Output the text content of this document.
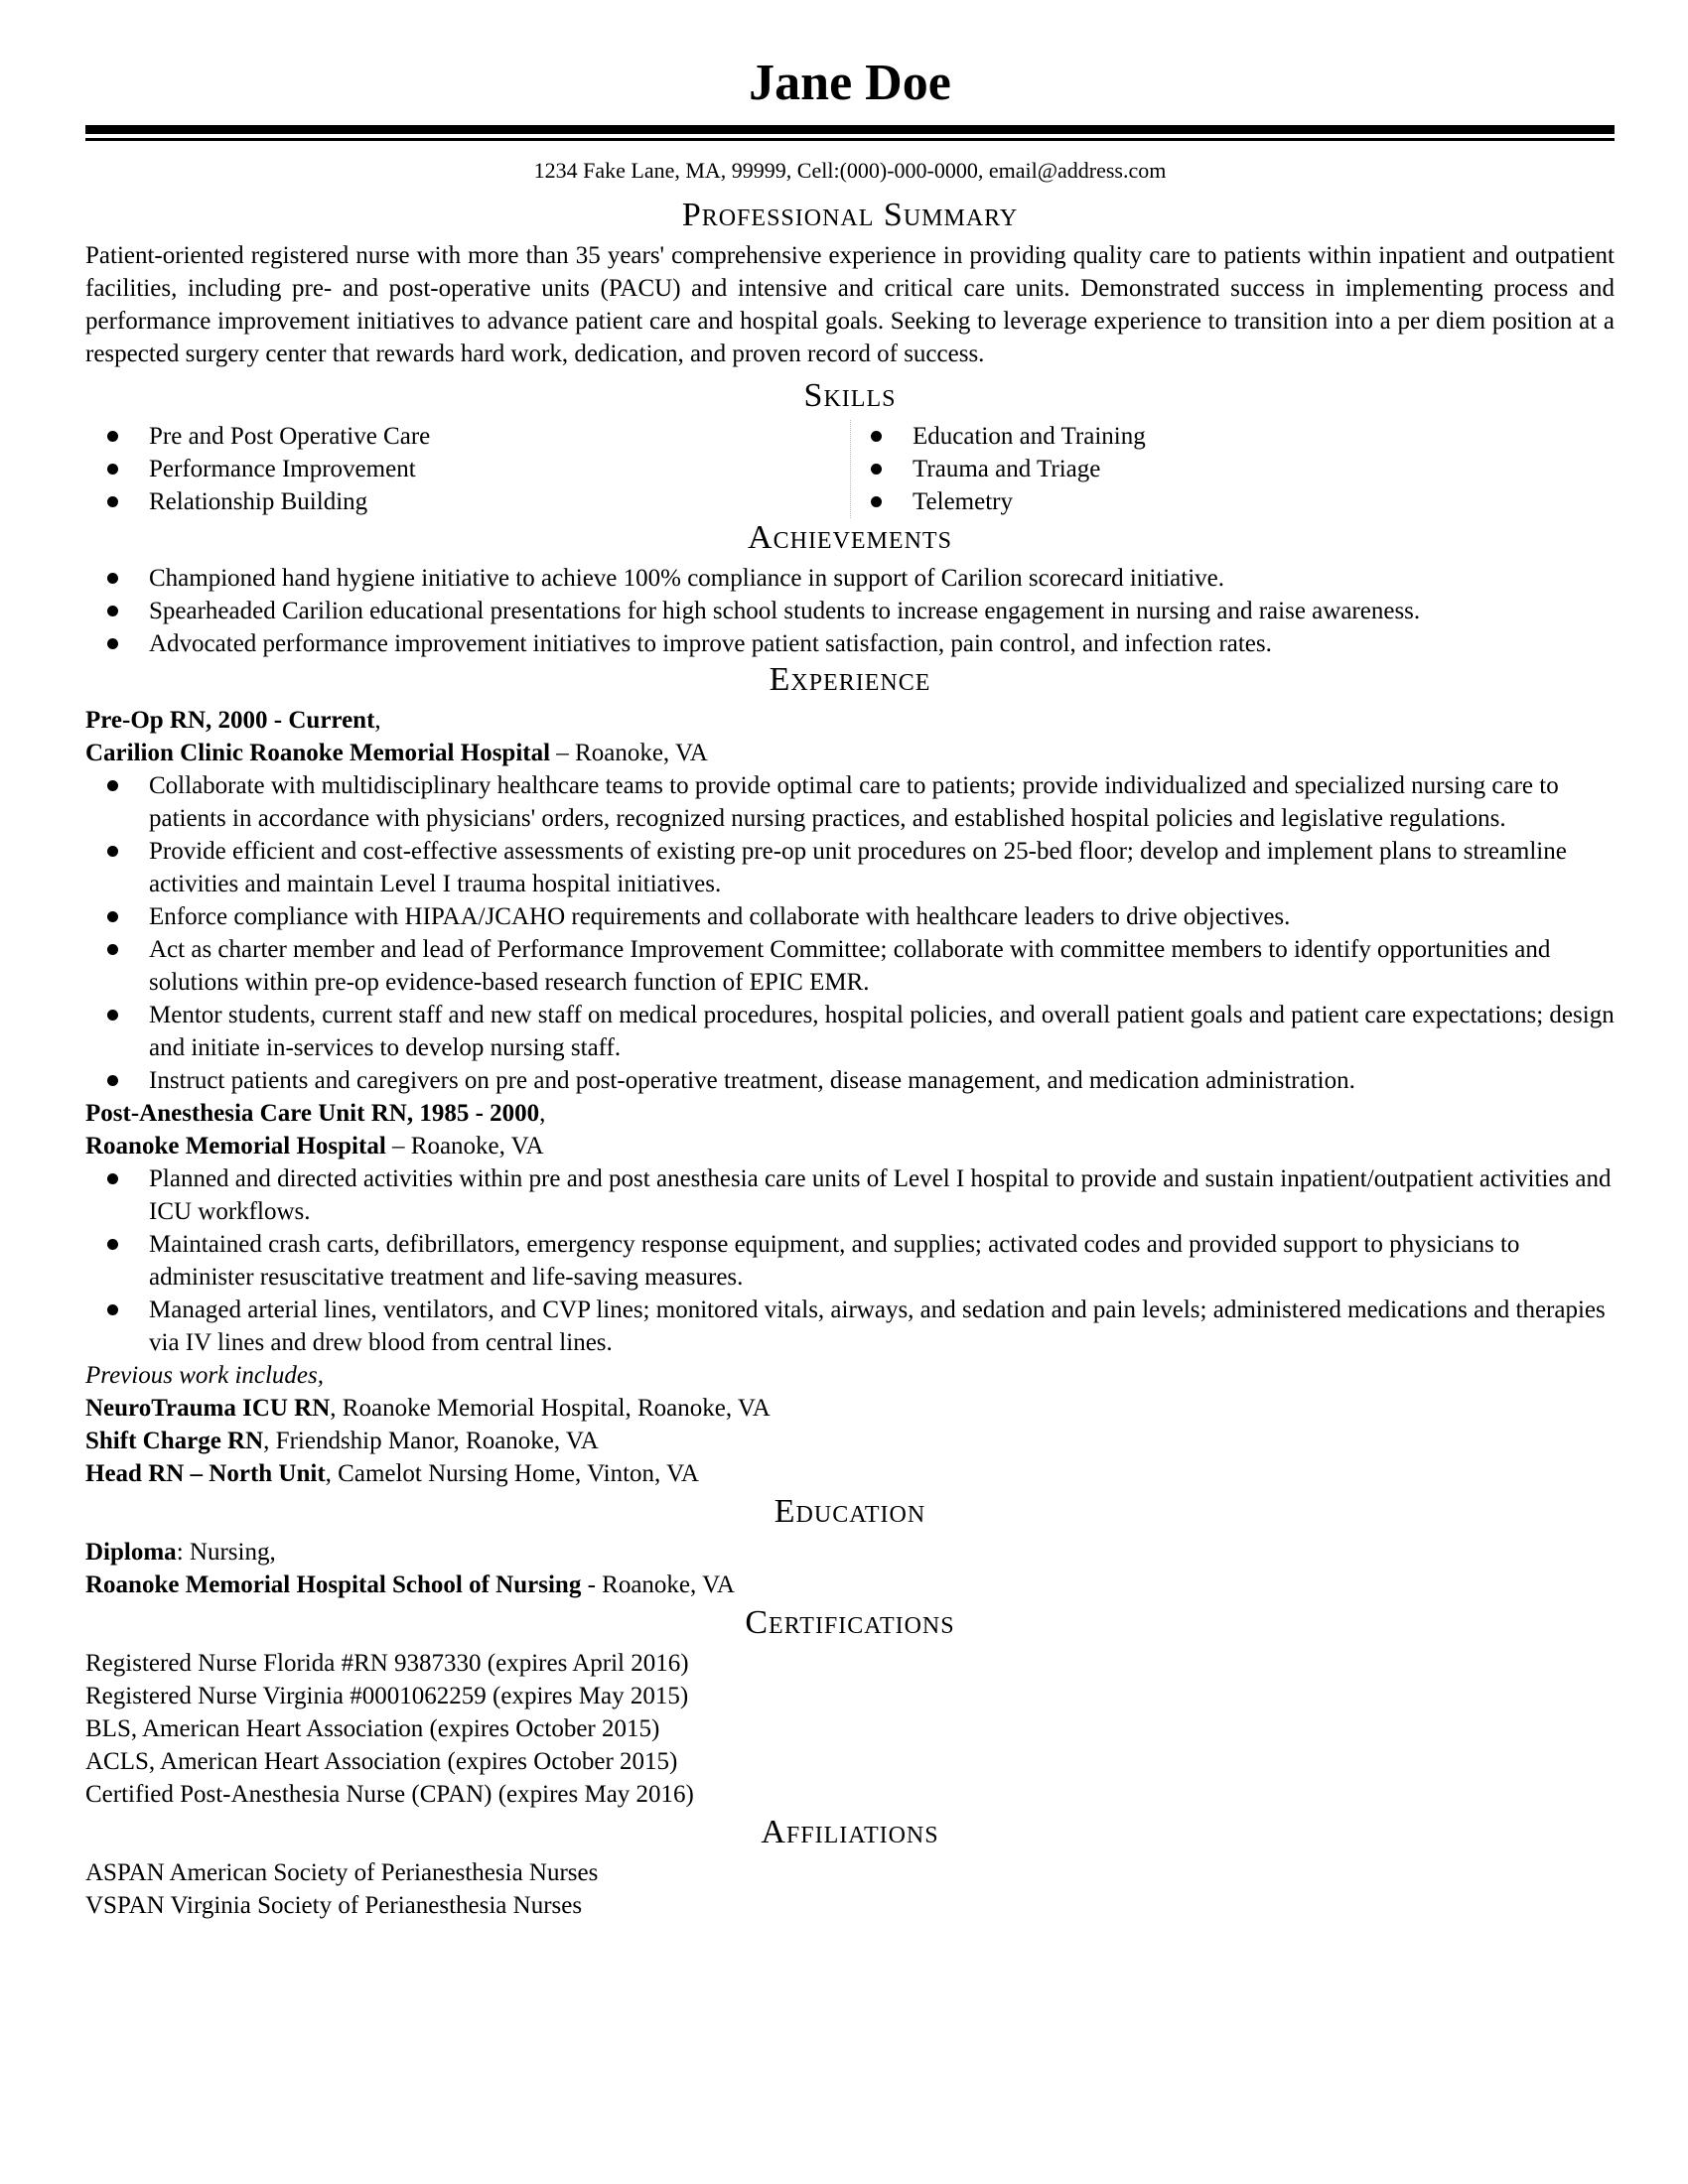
Jane Doe
1234 Fake Lane, MA, 99999, Cell:(000)-000-0000, email@address.com
Professional Summary
Patient-oriented registered nurse with more than 35 years' comprehensive experience in providing quality care to patients within inpatient and outpatient facilities, including pre- and post-operative units (PACU) and intensive and critical care units. Demonstrated success in implementing process and performance improvement initiatives to advance patient care and hospital goals. Seeking to leverage experience to transition into a per diem position at a respected surgery center that rewards hard work, dedication, and proven record of success.
Skills
Pre and Post Operative Care
Performance Improvement
Relationship Building
Education and Training
Trauma and Triage
Telemetry
Achievements
Championed hand hygiene initiative to achieve 100% compliance in support of Carilion scorecard initiative.
Spearheaded Carilion educational presentations for high school students to increase engagement in nursing and raise awareness.
Advocated performance improvement initiatives to improve patient satisfaction, pain control, and infection rates.
Experience
Pre-Op RN, 2000 - Current,
Carilion Clinic Roanoke Memorial Hospital – Roanoke, VA
Collaborate with multidisciplinary healthcare teams to provide optimal care to patients; provide individualized and specialized nursing care to patients in accordance with physicians' orders, recognized nursing practices, and established hospital policies and legislative regulations.
Provide efficient and cost-effective assessments of existing pre-op unit procedures on 25-bed floor; develop and implement plans to streamline activities and maintain Level I trauma hospital initiatives.
Enforce compliance with HIPAA/JCAHO requirements and collaborate with healthcare leaders to drive objectives.
Act as charter member and lead of Performance Improvement Committee; collaborate with committee members to identify opportunities and solutions within pre-op evidence-based research function of EPIC EMR.
Mentor students, current staff and new staff on medical procedures, hospital policies, and overall patient goals and patient care expectations; design and initiate in-services to develop nursing staff.
Instruct patients and caregivers on pre and post-operative treatment, disease management, and medication administration.
Post-Anesthesia Care Unit RN, 1985 - 2000,
Roanoke Memorial Hospital – Roanoke, VA
Planned and directed activities within pre and post anesthesia care units of Level I hospital to provide and sustain inpatient/outpatient activities and ICU workflows.
Maintained crash carts, defibrillators, emergency response equipment, and supplies; activated codes and provided support to physicians to administer resuscitative treatment and life-saving measures.
Managed arterial lines, ventilators, and CVP lines; monitored vitals, airways, and sedation and pain levels; administered medications and therapies via IV lines and drew blood from central lines.
Previous work includes,
NeuroTrauma ICU RN, Roanoke Memorial Hospital, Roanoke, VA
Shift Charge RN, Friendship Manor, Roanoke, VA
Head RN – North Unit, Camelot Nursing Home, Vinton, VA
Education
Diploma: Nursing,
Roanoke Memorial Hospital School of Nursing - Roanoke, VA
Certifications
Registered Nurse Florida #RN 9387330 (expires April 2016)
Registered Nurse Virginia #0001062259 (expires May 2015)
BLS, American Heart Association (expires October 2015)
ACLS, American Heart Association (expires October 2015)
Certified Post-Anesthesia Nurse (CPAN) (expires May 2016)
Affiliations
ASPAN American Society of Perianesthesia Nurses
VSPAN Virginia Society of Perianesthesia Nurses
